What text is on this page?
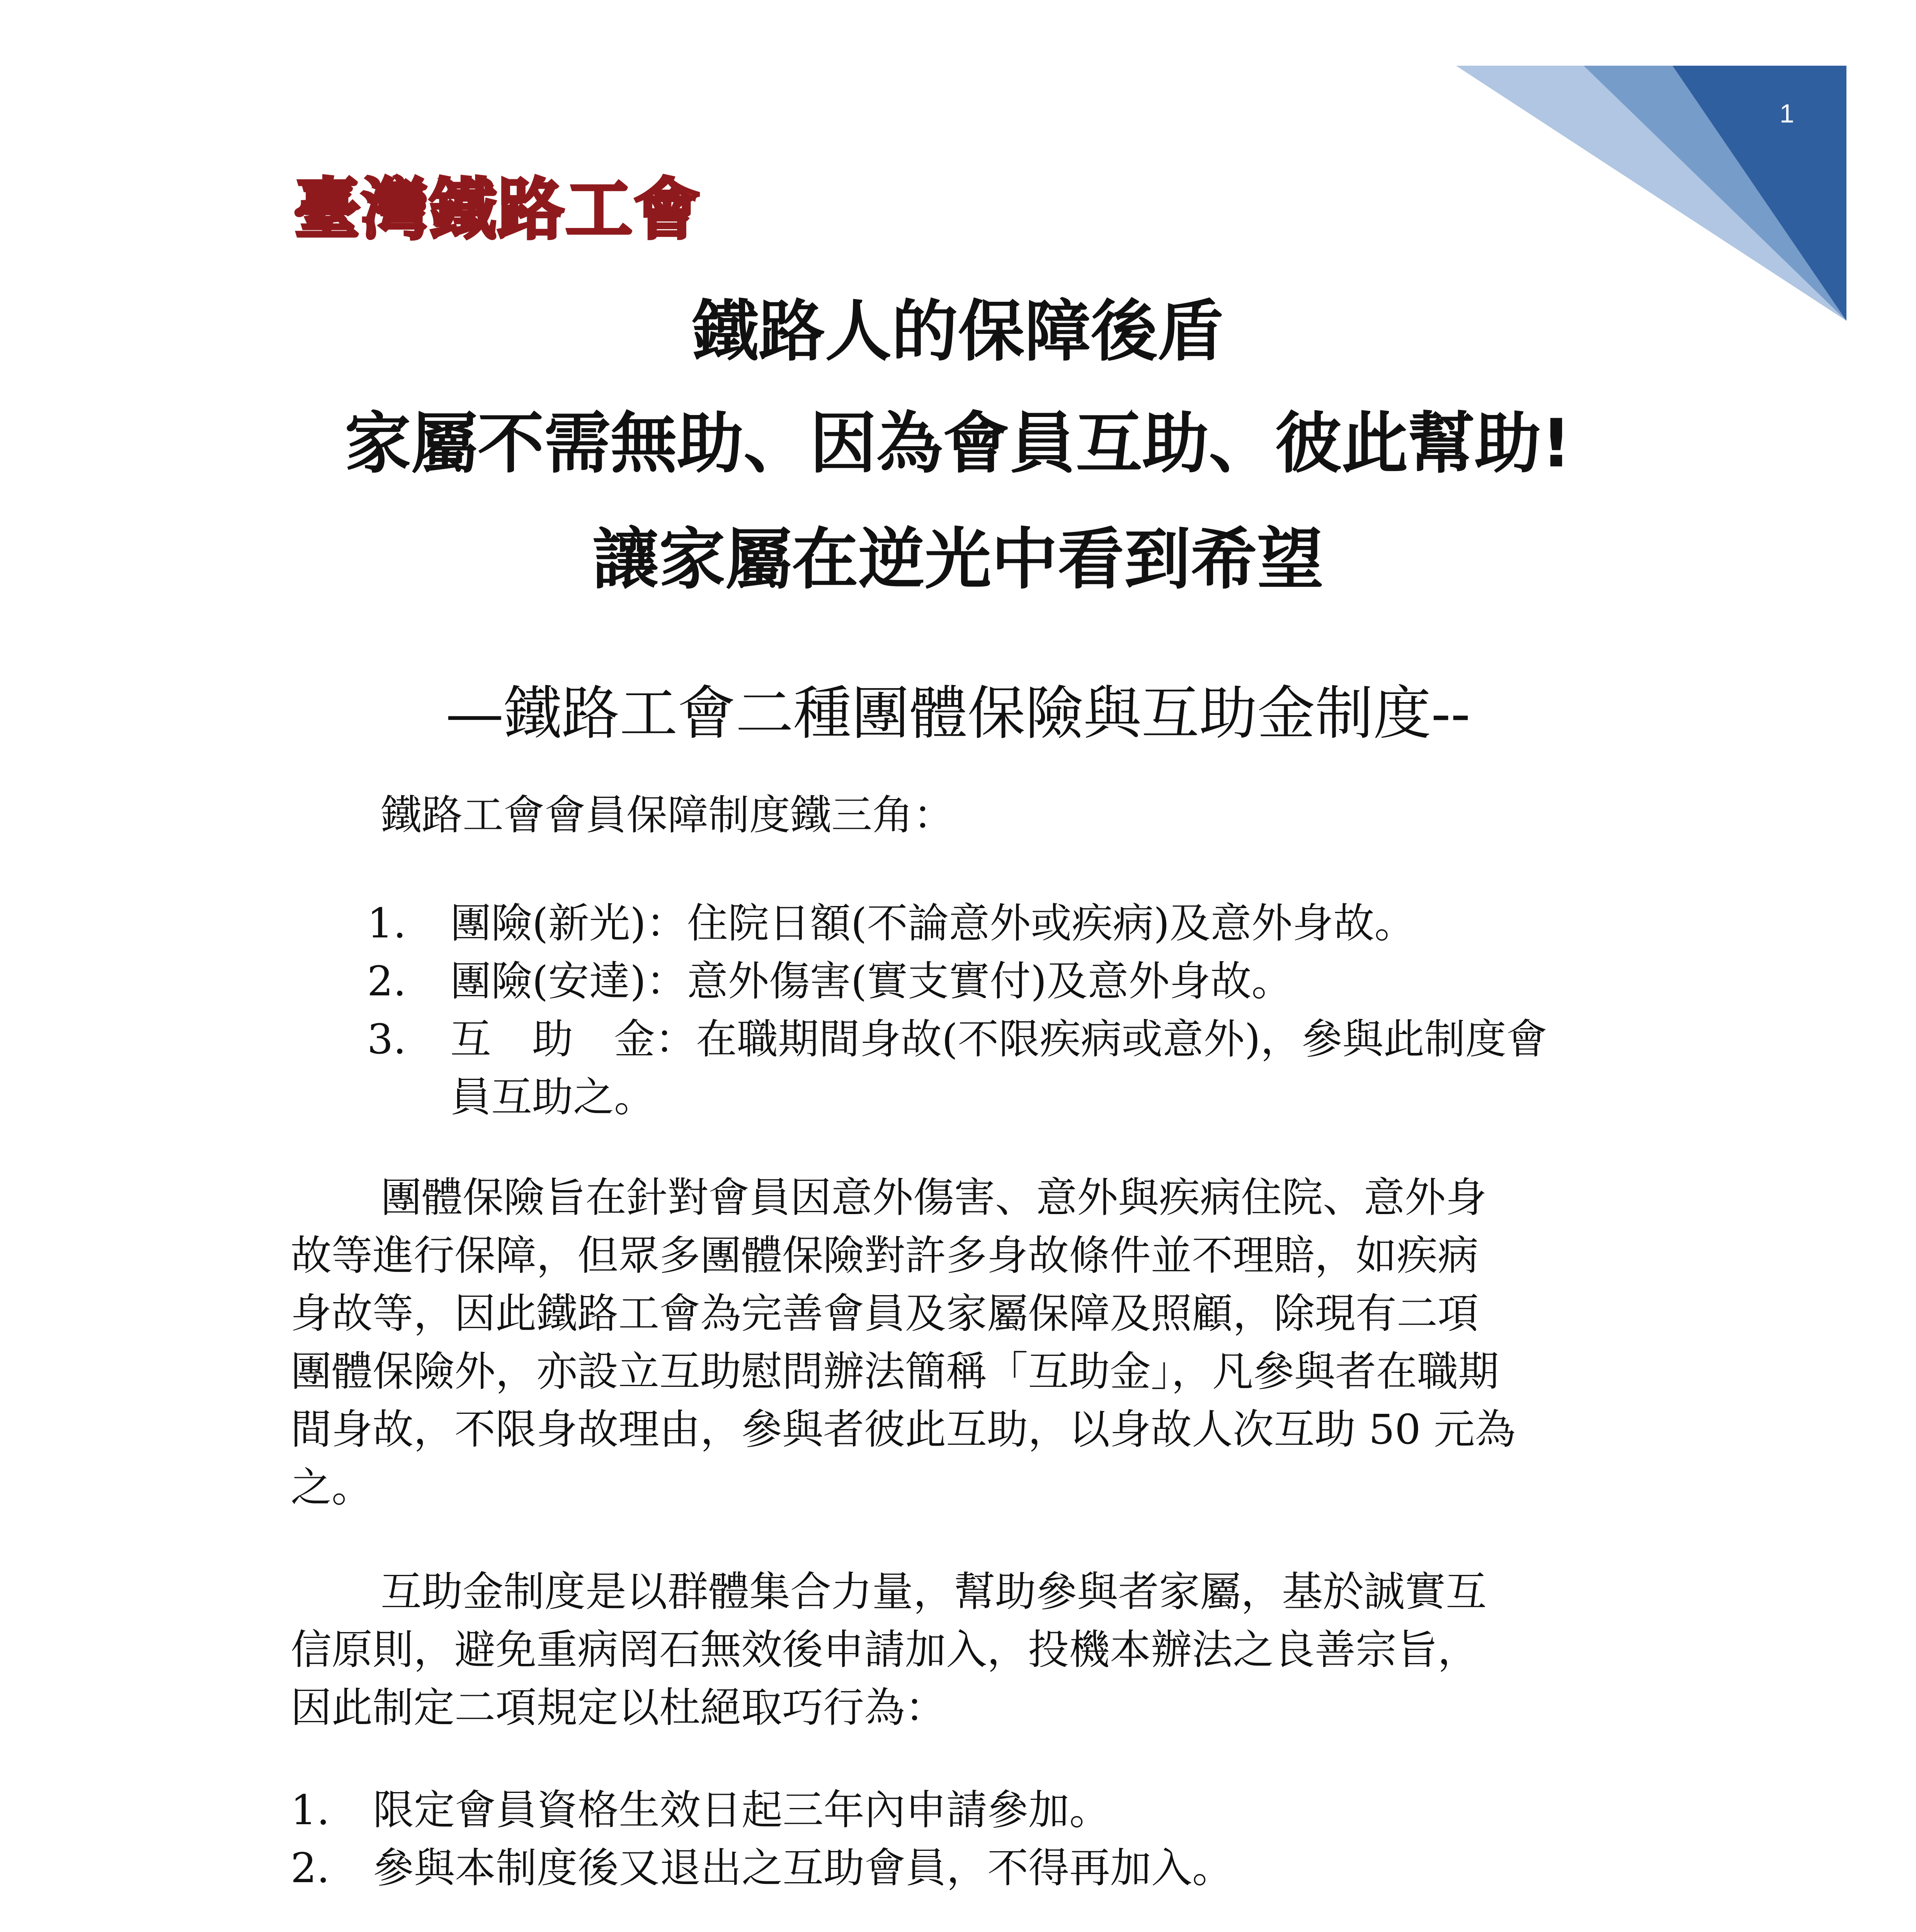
1
臺灣鐵路工會
鐵路人的保障後盾
家屬不需無助、因為會員互助、彼此幫助!
讓家屬在逆光中看到希望
—鐵路工會二種團體保險與互助金制度--

鐵路工會會員保障制度鐵三角：

1. 團險(新光)：住院日額(不論意外或疾病)及意外身故。
2. 團險(安達)：意外傷害(實支實付)及意外身故。
3. 互　助　金：在職期間身故(不限疾病或意外)，參與此制度會
員互助之。
團體保險旨在針對會員因意外傷害、意外與疾病住院、意外身
故等進行保障，但眾多團體保險對許多身故條件並不理賠，如疾病
身故等，因此鐵路工會為完善會員及家屬保障及照顧，除現有二項
團體保險外，亦設立互助慰問辦法簡稱「互助金」，凡參與者在職期
間身故，不限身故理由，參與者彼此互助，以身故人次互助 50 元為
之。
互助金制度是以群體集合力量，幫助參與者家屬，基於誠實互
信原則，避免重病罔石無效後申請加入，投機本辦法之良善宗旨，
因此制定二項規定以杜絕取巧行為：
1. 限定會員資格生效日起三年內申請參加。
2. 參與本制度後又退出之互助會員，不得再加入。
